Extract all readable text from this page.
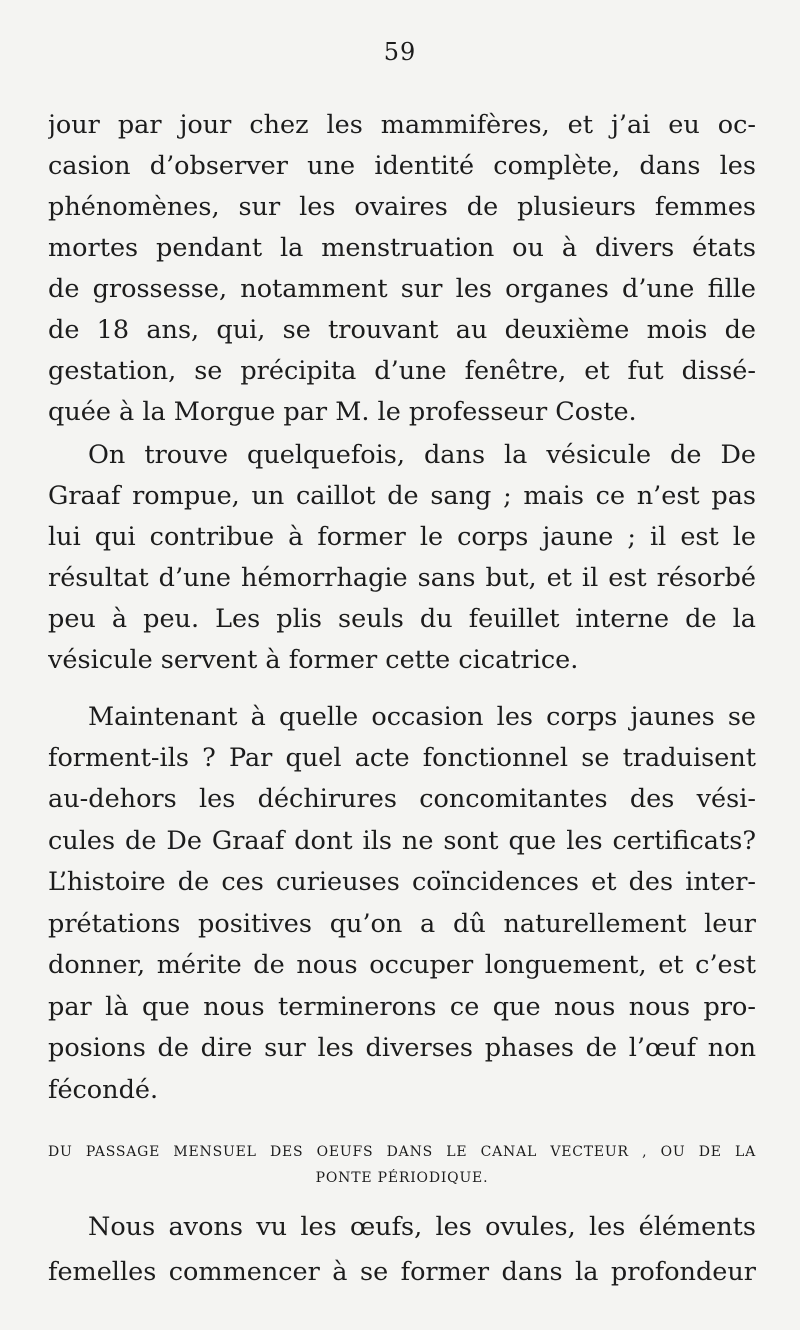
59
jour par jour chez les mammifères, et j’ai eu oc-
casion d’observer une identité complète, dans les
phénomènes, sur les ovaires de plusieurs femmes
mortes pendant la menstruation ou à divers états
de grossesse, notamment sur les organes d’une fille
de 18 ans, qui, se trouvant au deuxième mois de
gestation, se précipita d’une fenêtre, et fut dissé-
quée à la Morgue par M. le professeur Coste.
On trouve quelquefois, dans la vésicule de De
Graaf rompue, un caillot de sang ; mais ce n’est pas
lui qui contribue à former le corps jaune ; il est le
résultat d’une hémorrhagie sans but, et il est résorbé
peu à peu. Les plis seuls du feuillet interne de la
vésicule servent à former cette cicatrice.
Maintenant à quelle occasion les corps jaunes se
forment-ils ? Par quel acte fonctionnel se traduisent
au-dehors les déchirures concomitantes des vési-
cules de De Graaf dont ils ne sont que les certificats?
L’histoire de ces curieuses coïncidences et des inter-
prétations positives qu’on a dû naturellement leur
donner, mérite de nous occuper longuement, et c’est
par là que nous terminerons ce que nous nous pro-
posions de dire sur les diverses phases de l’œuf non
fécondé.
DU PASSAGE MENSUEL DES OEUFS DANS LE CANAL VECTEUR , OU DE LA
PONTE PÉRIODIQUE.
Nous avons vu les œufs, les ovules, les éléments
femelles commencer à se former dans la profondeur
